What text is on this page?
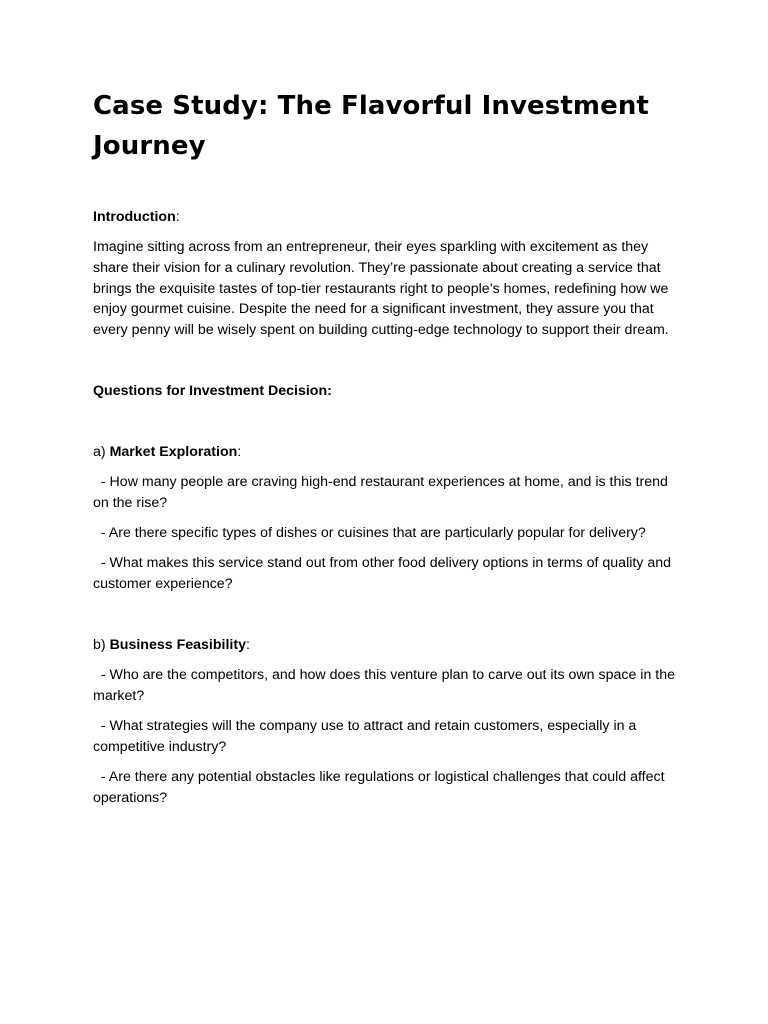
Case Study: The Flavorful Investment Journey
Introduction:

Imagine sitting across from an entrepreneur, their eyes sparkling with excitement as they share their vision for a culinary revolution. They’re passionate about creating a service that brings the exquisite tastes of top-tier restaurants right to people’s homes, redefining how we enjoy gourmet cuisine. Despite the need for a significant investment, they assure you that every penny will be wisely spent on building cutting-edge technology to support their dream.

Questions for Investment Decision:
a) Market Exploration:

- How many people are craving high-end restaurant experiences at home, and is this trend on the rise?

- Are there specific types of dishes or cuisines that are particularly popular for delivery?

- What makes this service stand out from other food delivery options in terms of quality and customer experience?

b) Business Feasibility:

- Who are the competitors, and how does this venture plan to carve out its own space in the market?

- What strategies will the company use to attract and retain customers, especially in a competitive industry?

- Are there any potential obstacles like regulations or logistical challenges that could affect operations?
